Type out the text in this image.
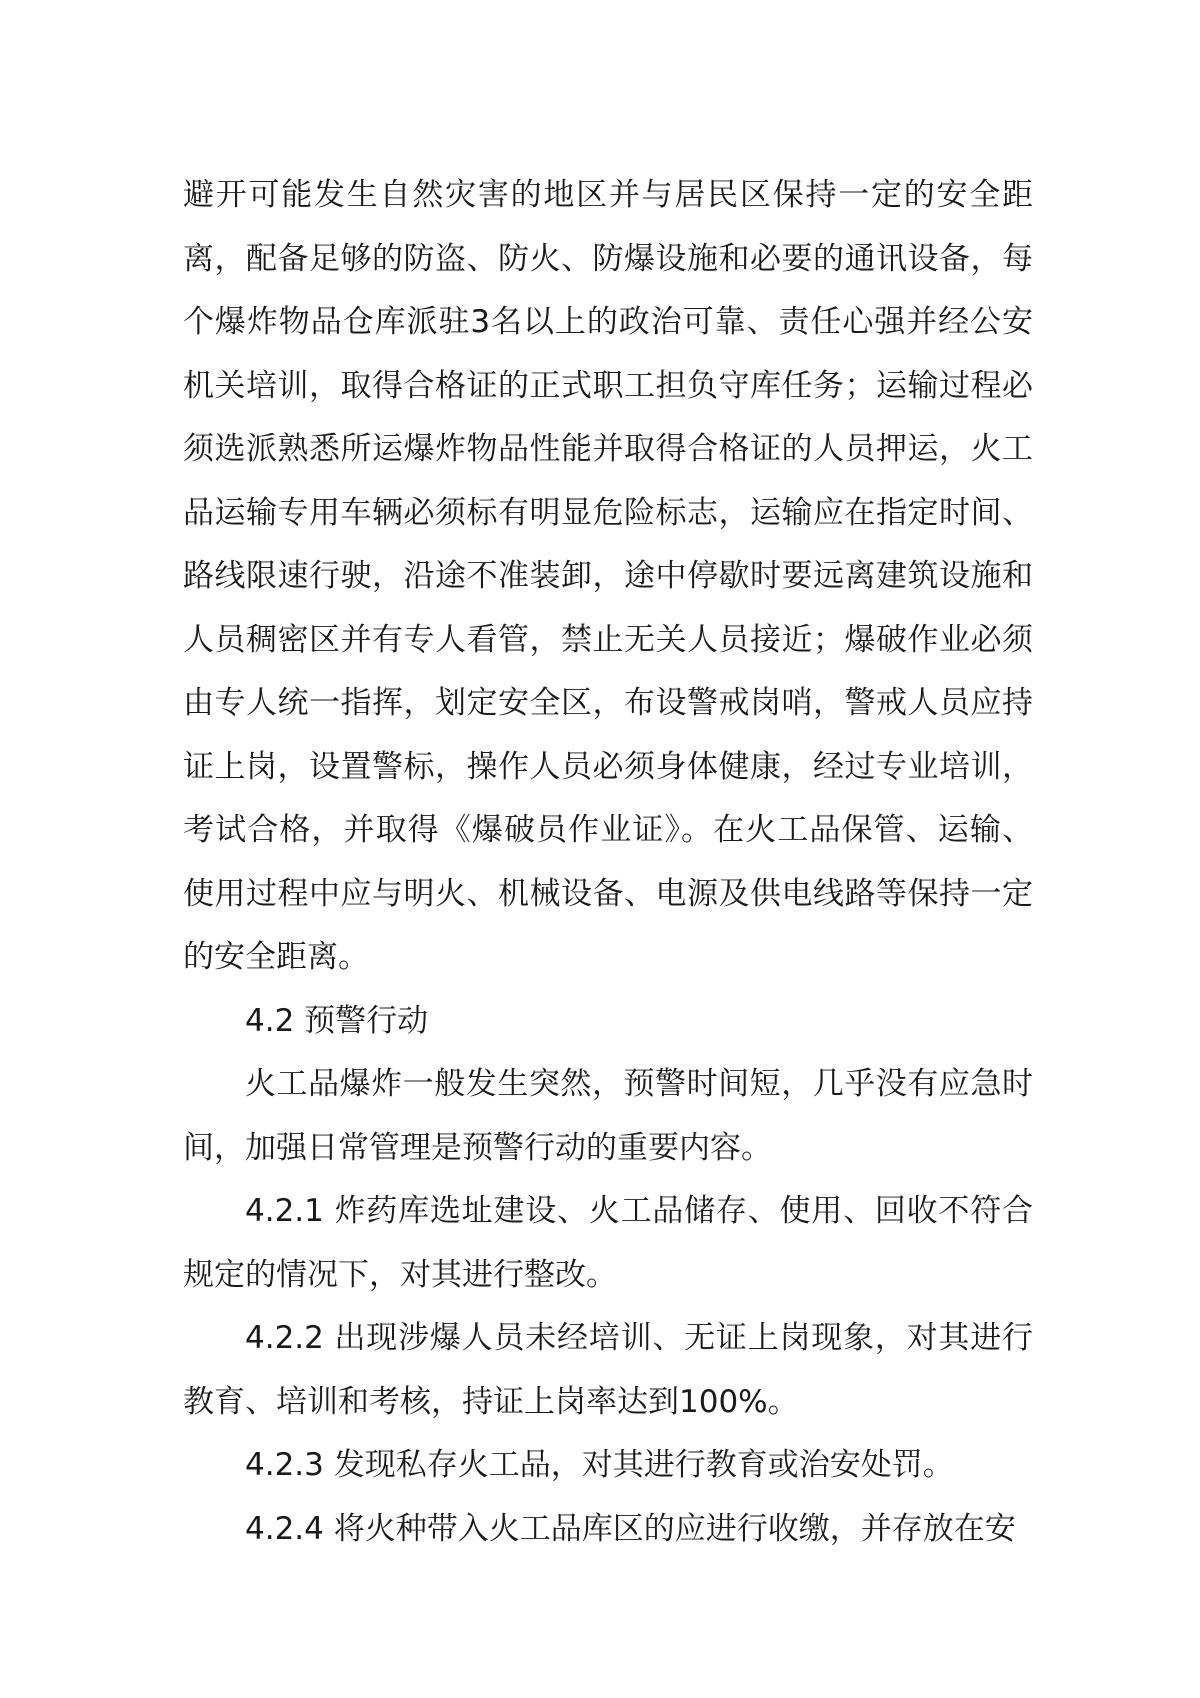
避开可能发生自然灾害的地区并与居民区保持一定的安全距离，配备足够的防盗、防火、防爆设施和必要的通讯设备，每个爆炸物品仓库派驻3名以上的政治可靠、责任心强并经公安机关培训，取得合格证的正式职工担负守库任务；运输过程必须选派熟悉所运爆炸物品性能并取得合格证的人员押运，火工品运输专用车辆必须标有明显危险标志，运输应在指定时间、路线限速行驶，沿途不准装卸，途中停歇时要远离建筑设施和人员稠密区并有专人看管，禁止无关人员接近；爆破作业必须由专人统一指挥，划定安全区，布设警戒岗哨，警戒人员应持证上岗，设置警标，操作人员必须身体健康，经过专业培训，考试合格，并取得《爆破员作业证》。在火工品保管、运输、使用过程中应与明火、机械设备、电源及供电线路等保持一定的安全距离。

4.2 预警行动

火工品爆炸一般发生突然，预警时间短，几乎没有应急时间，加强日常管理是预警行动的重要内容。

4.2.1 炸药库选址建设、火工品储存、使用、回收不符合规定的情况下，对其进行整改。

4.2.2 出现涉爆人员未经培训、无证上岗现象，对其进行教育、培训和考核，持证上岗率达到100%。

4.2.3 发现私存火工品，对其进行教育或治安处罚。

4.2.4 将火种带入火工品库区的应进行收缴，并存放在安
